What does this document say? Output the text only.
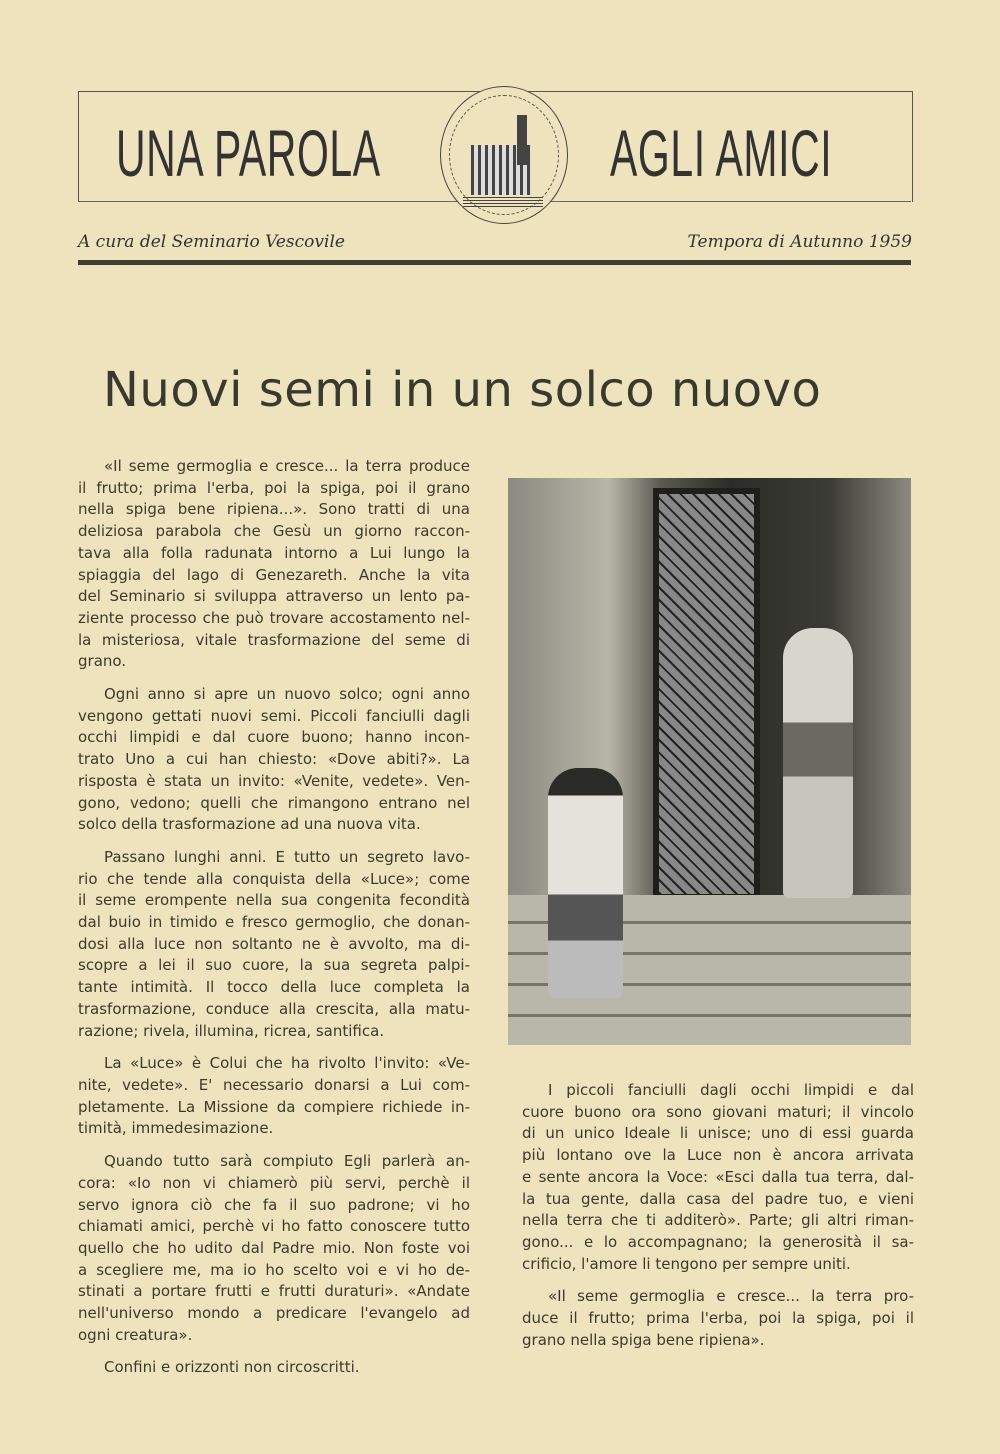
UNA PAROLA	AGLI AMICI
A cura del Seminario Vescovile	Tempora di Autunno 1959
Nuovi semi in un solco nuovo

«Il seme germoglia e cresce... la terra produce
il frutto; prima l'erba, poi la spiga, poi il grano
nella spiga bene ripiena...». Sono tratti di una
deliziosa parabola che Gesù un giorno raccon-
tava alla folla radunata intorno a Lui lungo la
spiaggia del lago di Genezareth. Anche la vita
del Seminario si sviluppa attraverso un lento pa-
ziente processo che può trovare accostamento nel-
la misteriosa, vitale trasformazione del seme di
grano.

Ogni anno si apre un nuovo solco; ogni anno
vengono gettati nuovi semi. Piccoli fanciulli dagli
occhi limpidi e dal cuore buono; hanno incon-
trato Uno a cui han chiesto: «Dove abiti?». La
risposta è stata un invito: «Venite, vedete». Ven-
gono, vedono; quelli che rimangono entrano nel
solco della trasformazione ad una nuova vita.

Passano lunghi anni. E tutto un segreto lavo-
rio che tende alla conquista della «Luce»; come
il seme erompente nella sua congenita fecondità
dal buio in timido e fresco germoglio, che donan-
dosi alla luce non soltanto ne è avvolto, ma di-
scopre a lei il suo cuore, la sua segreta palpi-
tante intimità. Il tocco della luce completa la
trasformazione, conduce alla crescita, alla matu-
razione; rivela, illumina, ricrea, santifica.

La «Luce» è Colui che ha rivolto l'invito: «Ve-
nite, vedete». E' necessario donarsi a Lui com-
pletamente. La Missione da compiere richiede in-
timità, immedesimazione.

Quando tutto sarà compiuto Egli parlerà an-
cora: «Io non vi chiamerò più servi, perchè il
servo ignora ciò che fa il suo padrone; vi ho
chiamati amici, perchè vi ho fatto conoscere tutto
quello che ho udito dal Padre mio. Non foste voi
a scegliere me, ma io ho scelto voi e vi ho de-
stinati a portare frutti e frutti duraturi». «Andate
nell'universo mondo a predicare l'evangelo ad
ogni creatura».

Confini e orizzonti non circoscritti.

I piccoli fanciulli dagli occhi limpidi e dal
cuore buono ora sono giovani maturi; il vincolo
di un unico Ideale li unisce; uno di essi guarda
più lontano ove la Luce non è ancora arrivata
e sente ancora la Voce: «Esci dalla tua terra, dal-
la tua gente, dalla casa del padre tuo, e vieni
nella terra che ti additerò». Parte; gli altri riman-
gono... e lo accompagnano; la generosità il sa-
crificio, l'amore li tengono per sempre uniti.

«Il seme germoglia e cresce... la terra pro-
duce il frutto; prima l'erba, poi la spiga, poi il
grano nella spiga bene ripiena».
